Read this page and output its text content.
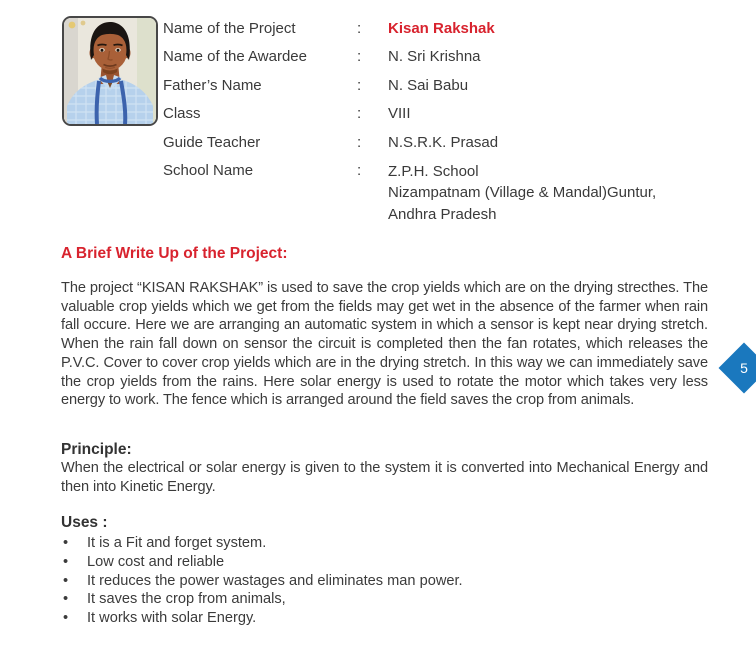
Name of the Project	:	Kisan Rakshak
Name of the Awardee	:	N. Sri Krishna
Father’s Name	:	N. Sai Babu
Class	:	VIII
Guide Teacher	:	N.S.R.K. Prasad
School Name	:	Z.P.H. School
Nizampatnam (Village & Mandal)Guntur,
Andhra Pradesh
A Brief Write Up of the Project:
The project “KISAN RAKSHAK” is used to save the crop yields which are on the drying strecthes. The valuable crop yields which we get from the fields may get wet in the absence of the farmer when rain fall occure. Here we are arranging an automatic system in which a sensor is kept near drying stretch. When the rain fall down on sensor the circuit is completed then the fan rotates, which releases the P.V.C. Cover to cover crop yields which are in the drying stretch. In this way we can immediately save the crop yields from the rains. Here solar energy is used to rotate the motor which takes very less energy to work. The fence which is arranged around the field saves the crop from animals.
5
Principle:
When the electrical or solar energy is given to the system it is converted into Mechanical Energy and then into Kinetic Energy.
Uses :
•	It is a Fit and forget system.
•	Low cost and reliable
•	It reduces the power wastages and eliminates man power.
•	It saves the crop from animals,
•	It works with solar Energy.
